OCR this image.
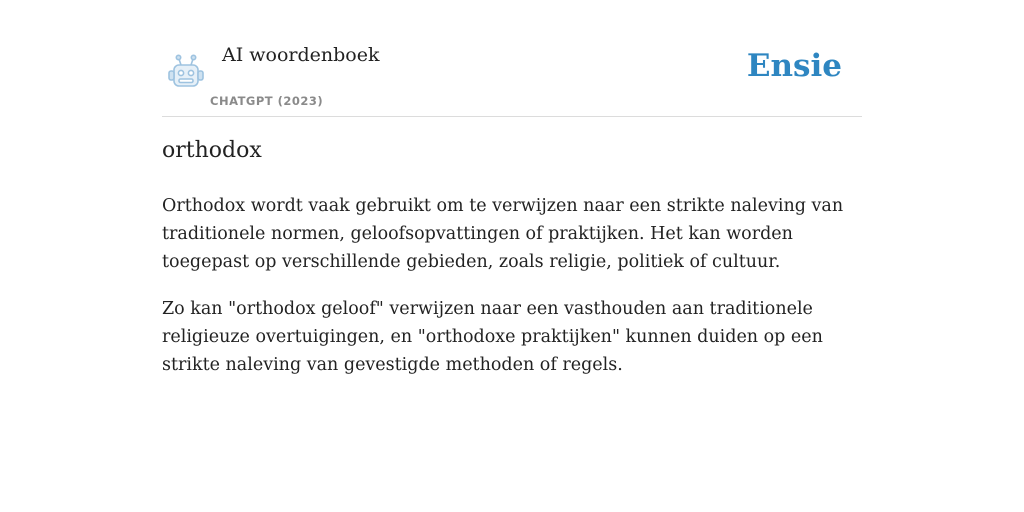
AI woordenboek
CHATGPT (2023)
Ensie
orthodox

Orthodox wordt vaak gebruikt om te verwijzen naar een strikte naleving van traditionele normen, geloofsopvattingen of praktijken. Het kan worden toegepast op verschillende gebieden, zoals religie, politiek of cultuur.

Zo kan "orthodox geloof" verwijzen naar een vasthouden aan traditionele religieuze overtuigingen, en "orthodoxe praktijken" kunnen duiden op een strikte naleving van gevestigde methoden of regels.
